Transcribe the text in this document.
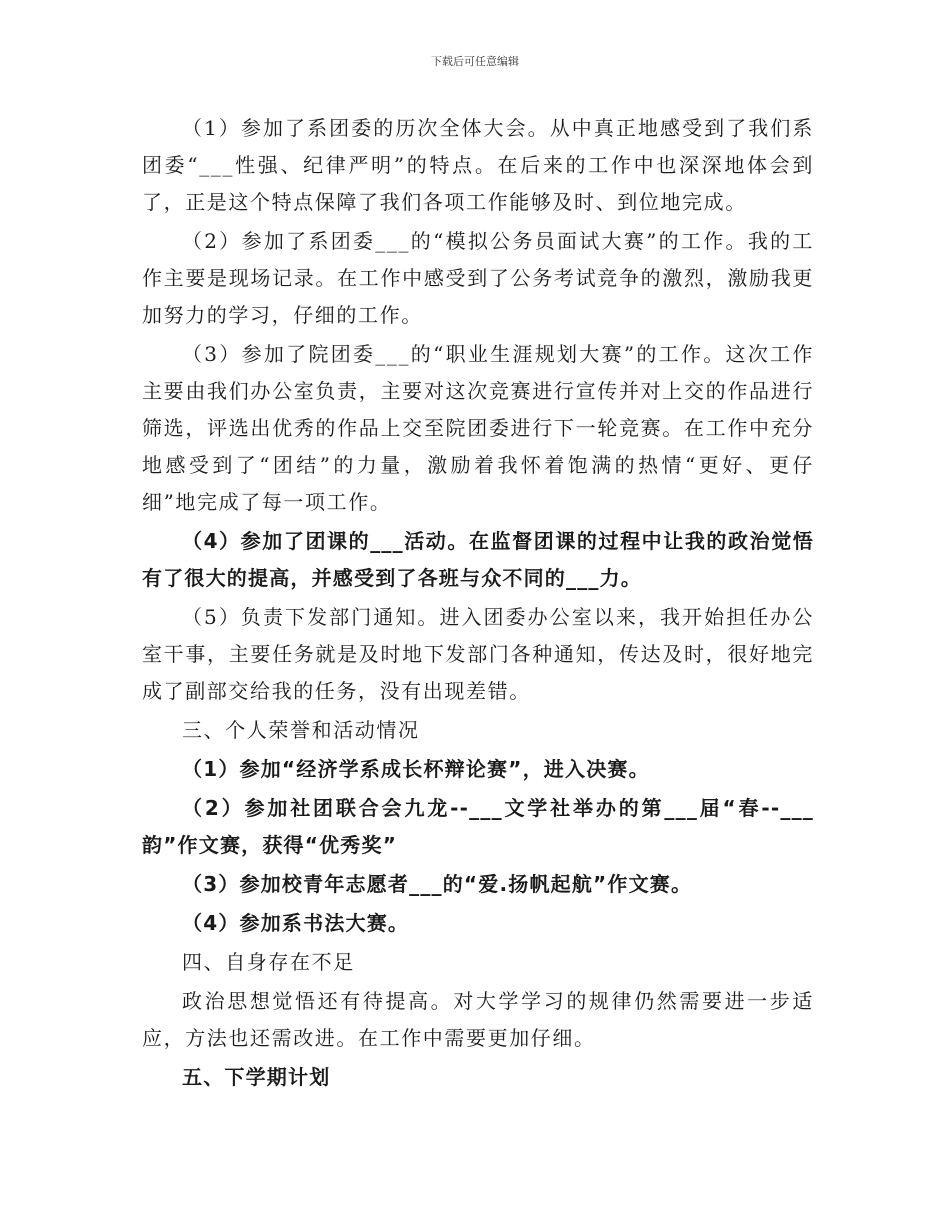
下载后可任意编辑

（1）参加了系团委的历次全体大会。从中真正地感受到了我们系团委“___性强、纪律严明”的特点。在后来的工作中也深深地体会到了，正是这个特点保障了我们各项工作能够及时、到位地完成。

（2）参加了系团委___的“模拟公务员面试大赛”的工作。我的工作主要是现场记录。在工作中感受到了公务考试竞争的激烈，激励我更加努力的学习，仔细的工作。

（3）参加了院团委___的“职业生涯规划大赛”的工作。这次工作主要由我们办公室负责，主要对这次竞赛进行宣传并对上交的作品进行筛选，评选出优秀的作品上交至院团委进行下一轮竞赛。在工作中充分地感受到了“团结”的力量，激励着我怀着饱满的热情“更好、更仔细”地完成了每一项工作。

（4）参加了团课的___活动。在监督团课的过程中让我的政治觉悟有了很大的提高，并感受到了各班与众不同的___力。

（5）负责下发部门通知。进入团委办公室以来，我开始担任办公室干事，主要任务就是及时地下发部门各种通知，传达及时，很好地完成了副部交给我的任务，没有出现差错。

三、个人荣誉和活动情况

（1）参加“经济学系成长杯辩论赛”，进入决赛。

（2）参加社团联合会九龙--___文学社举办的第___届“春--___韵”作文赛，获得“优秀奖”

（3）参加校青年志愿者___的“爱.扬帆起航”作文赛。

（4）参加系书法大赛。

四、自身存在不足

政治思想觉悟还有待提高。对大学学习的规律仍然需要进一步适应，方法也还需改进。在工作中需要更加仔细。

五、下学期计划
